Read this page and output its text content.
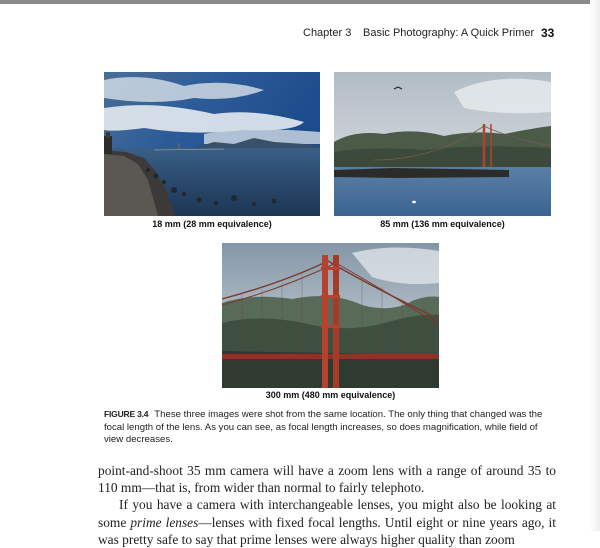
Chapter 3 Basic Photography: A Quick Primer 33
18 mm (28 mm equivalence)	85 mm (136 mm equivalence)
300 mm (480 mm equivalence)
FIGURE 3.4 These three images were shot from the same location. The only thing that changed was the focal length of the lens. As you can see, as focal length increases, so does magnification, while field of view decreases.

point-and-shoot 35 mm camera will have a zoom lens with a range of around 35 to 110 mm—that is, from wider than normal to fairly telephoto.

If you have a camera with interchangeable lenses, you might also be looking at some prime lenses—lenses with fixed focal lengths. Until eight or nine years ago, it was pretty safe to say that prime lenses were always higher quality than zoom
